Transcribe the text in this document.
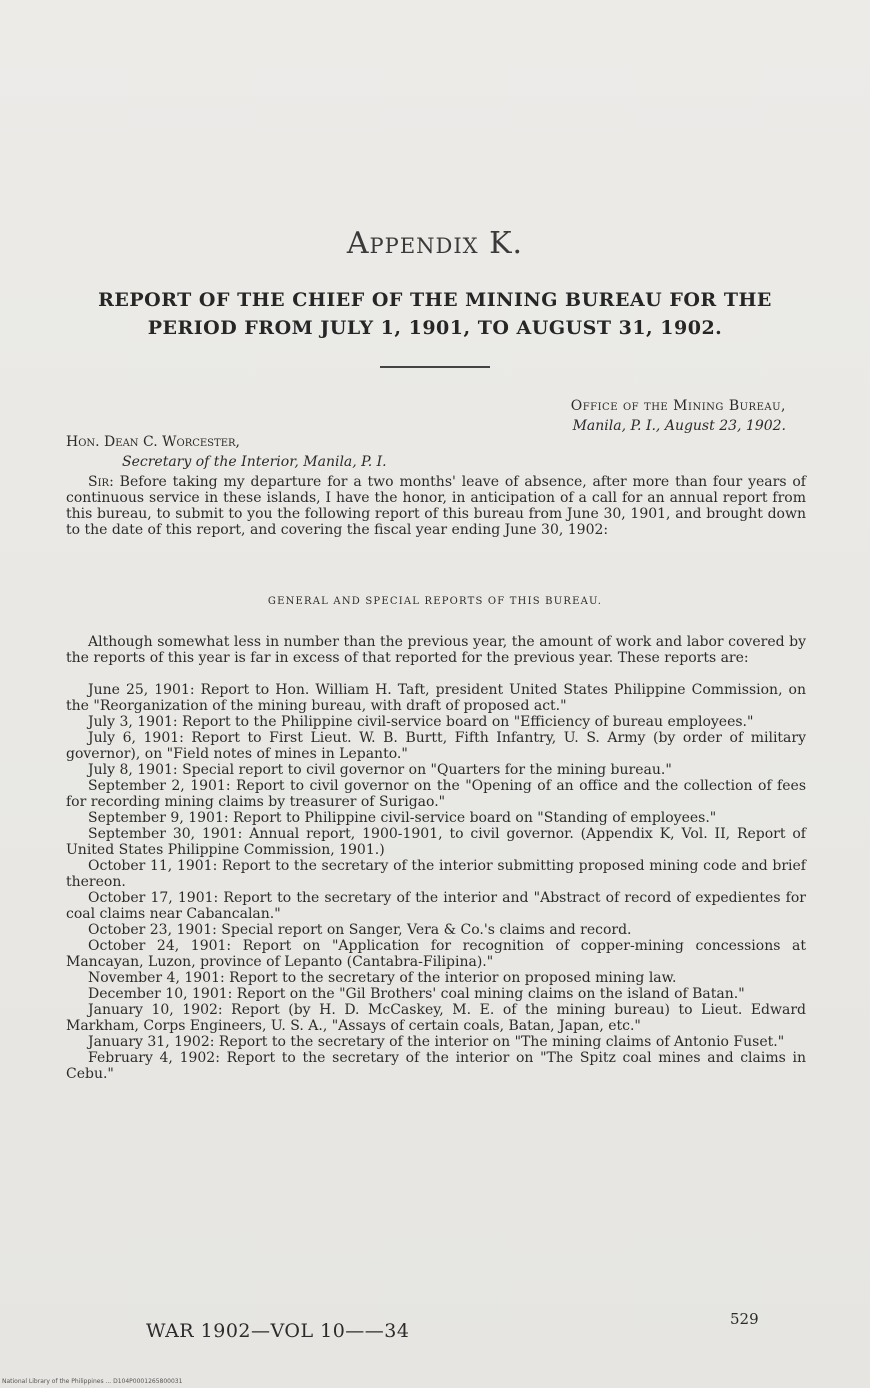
Appendix K.
REPORT OF THE CHIEF OF THE MINING BUREAU FOR THE
PERIOD FROM JULY 1, 1901, TO AUGUST 31, 1902.
Office of the Mining Bureau,
Manila, P. I., August 23, 1902.
Hon. Dean C. Worcester,
Secretary of the Interior, Manila, P. I.

Sir: Before taking my departure for a two months' leave of absence, after more than four years of continuous service in these islands, I have the honor, in anticipation of a call for an annual report from this bureau, to submit to you the following report of this bureau from June 30, 1901, and brought down to the date of this report, and covering the fiscal year ending June 30, 1902:

GENERAL AND SPECIAL REPORTS OF THIS BUREAU.

Although somewhat less in number than the previous year, the amount of work and labor covered by the reports of this year is far in excess of that reported for the previous year. These reports are:

June 25, 1901: Report to Hon. William H. Taft, president United States Philippine Commission, on the "Reorganization of the mining bureau, with draft of proposed act."

July 3, 1901: Report to the Philippine civil-service board on "Efficiency of bureau employees."

July 6, 1901: Report to First Lieut. W. B. Burtt, Fifth Infantry, U. S. Army (by order of military governor), on "Field notes of mines in Lepanto."

July 8, 1901: Special report to civil governor on "Quarters for the mining bureau."

September 2, 1901: Report to civil governor on the "Opening of an office and the collection of fees for recording mining claims by treasurer of Surigao."

September 9, 1901: Report to Philippine civil-service board on "Standing of employees."

September 30, 1901: Annual report, 1900-1901, to civil governor. (Appendix K, Vol. II, Report of United States Philippine Commission, 1901.)

October 11, 1901: Report to the secretary of the interior submitting proposed mining code and brief thereon.

October 17, 1901: Report to the secretary of the interior and "Abstract of record of expedientes for coal claims near Cabancalan."

October 23, 1901: Special report on Sanger, Vera & Co.'s claims and record.

October 24, 1901: Report on "Application for recognition of copper-mining concessions at Mancayan, Luzon, province of Lepanto (Cantabra-Filipina)."

November 4, 1901: Report to the secretary of the interior on proposed mining law.

December 10, 1901: Report on the "Gil Brothers' coal mining claims on the island of Batan."

January 10, 1902: Report (by H. D. McCaskey, M. E. of the mining bureau) to Lieut. Edward Markham, Corps Engineers, U. S. A., "Assays of certain coals, Batan, Japan, etc."

January 31, 1902: Report to the secretary of the interior on "The mining claims of Antonio Fuset."

February 4, 1902: Report to the secretary of the interior on "The Spitz coal mines and claims in Cebu."

WAR 1902—VOL 10——34
529
National Library of the Philippines ... D104P0001265800031
